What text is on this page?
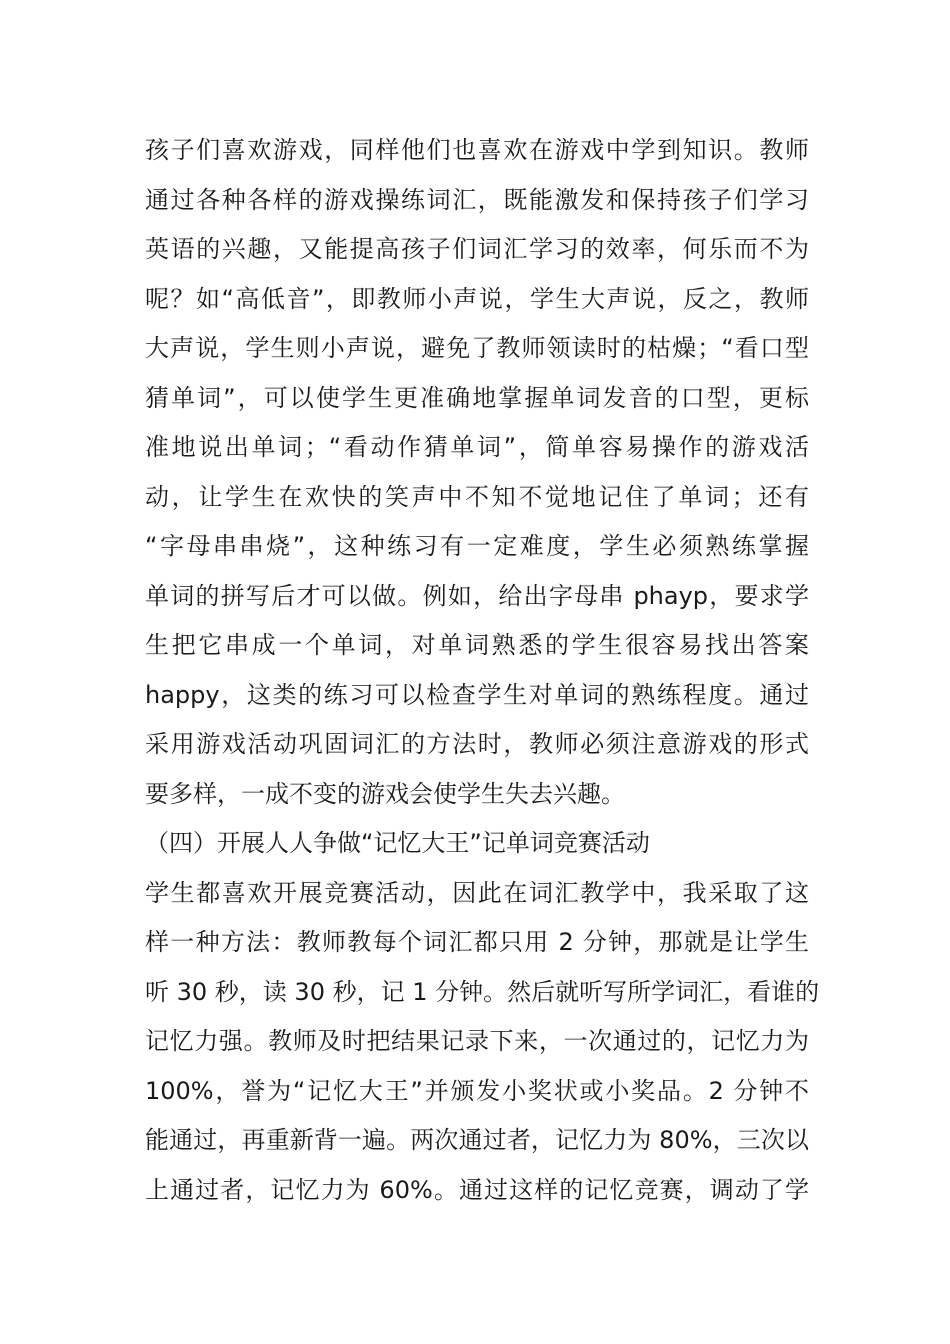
孩子们喜欢游戏，同样他们也喜欢在游戏中学到知识。教师
通过各种各样的游戏操练词汇，既能激发和保持孩子们学习
英语的兴趣，又能提高孩子们词汇学习的效率，何乐而不为
呢？如“高低音”，即教师小声说，学生大声说，反之，教师
大声说，学生则小声说，避免了教师领读时的枯燥；“看口型
猜单词”，可以使学生更准确地掌握单词发音的口型，更标
准地说出单词；“看动作猜单词”，简单容易操作的游戏活
动，让学生在欢快的笑声中不知不觉地记住了单词；还有
“字母串串烧”，这种练习有一定难度，学生必须熟练掌握
单词的拼写后才可以做。例如，给出字母串 phayp，要求学
生把它串成一个单词，对单词熟悉的学生很容易找出答案
happy，这类的练习可以检查学生对单词的熟练程度。通过
采用游戏活动巩固词汇的方法时，教师必须注意游戏的形式
要多样，一成不变的游戏会使学生失去兴趣。
（四）开展人人争做“记忆大王”记单词竞赛活动
学生都喜欢开展竞赛活动，因此在词汇教学中，我采取了这
样一种方法：教师教每个词汇都只用 2 分钟，那就是让学生
听 30 秒，读 30 秒，记 1 分钟。然后就听写所学词汇，看谁的
记忆力强。教师及时把结果记录下来，一次通过的，记忆力为
100%，誉为“记忆大王”并颁发小奖状或小奖品。2 分钟不
能通过，再重新背一遍。两次通过者，记忆力为 80%，三次以
上通过者，记忆力为 60%。通过这样的记忆竞赛，调动了学
